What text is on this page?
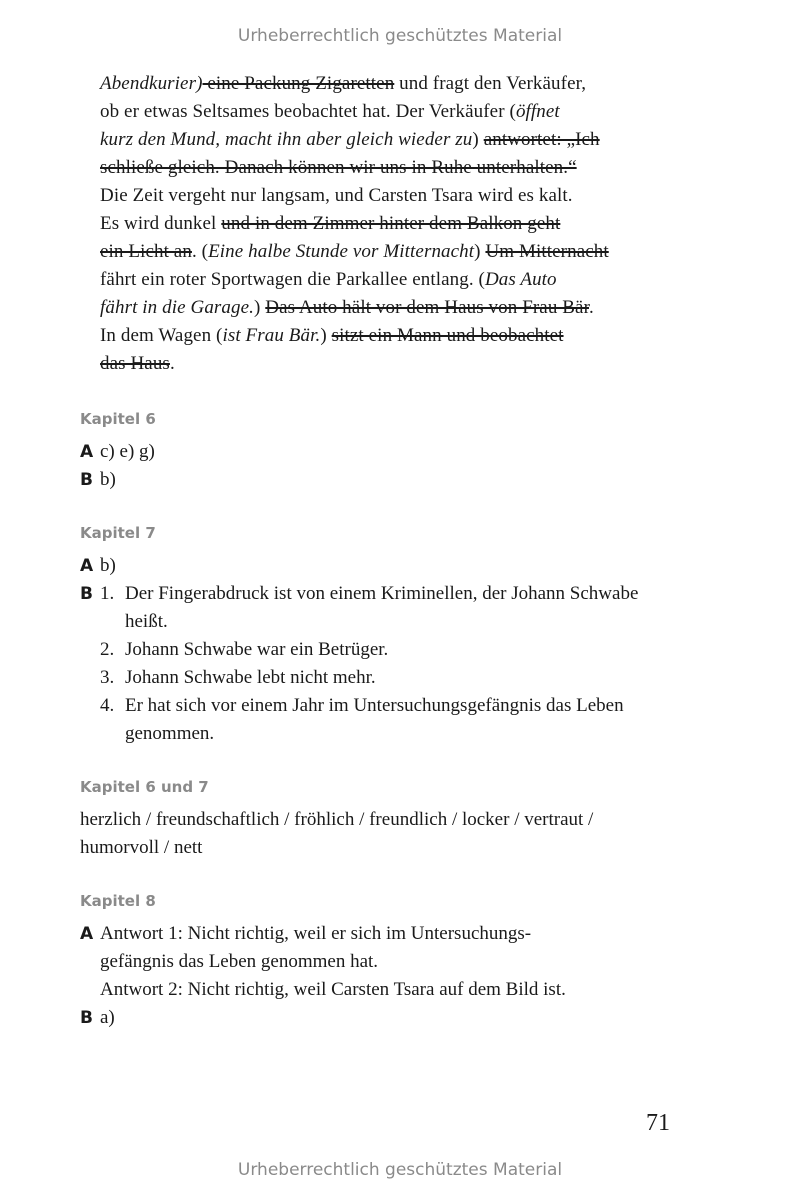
Urheberrechtlich geschütztes Material

Abendkurier) eine Packung Zigaretten und fragt den Verkäufer,

ob er etwas Seltsames beobachtet hat. Der Verkäufer (öffnet

kurz den Mund, macht ihn aber gleich wieder zu) antwortet: „Ich

schließe gleich. Danach können wir uns in Ruhe unterhalten.“

Die Zeit vergeht nur langsam, und Carsten Tsara wird es kalt.

Es wird dunkel und in dem Zimmer hinter dem Balkon geht

ein Licht an. (Eine halbe Stunde vor Mitternacht) Um Mitternacht

fährt ein roter Sportwagen die Parkallee entlang. (Das Auto

fährt in die Garage.) Das Auto hält vor dem Haus von Frau Bär.

In dem Wagen (ist Frau Bär.) sitzt ein Mann und beobachtet

das Haus.

Kapitel 6

A c) e) g)
B b)

Kapitel 7

A b)
B 1. Der Fingerabdruck ist von einem Kriminellen, der Johann Schwabe heißt.
2. Johann Schwabe war ein Betrüger.
3. Johann Schwabe lebt nicht mehr.
4. Er hat sich vor einem Jahr im Untersuchungsgefängnis das Leben genommen.

Kapitel 6 und 7

herzlich / freundschaftlich / fröhlich / freundlich / locker / vertraut / humorvoll / nett

Kapitel 8

A Antwort 1: Nicht richtig, weil er sich im Untersuchungs-
gefängnis das Leben genommen hat.
Antwort 2: Nicht richtig, weil Carsten Tsara auf dem Bild ist.
B a)
71
Urheberrechtlich geschütztes Material
